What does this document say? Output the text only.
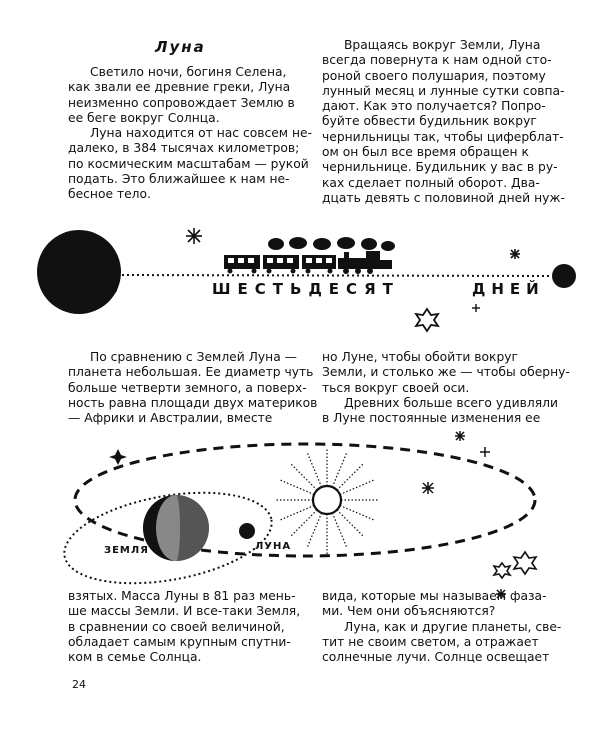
Луна
Светило ночи, богиня Селена,
как звали ее древние греки, Луна
неизменно сопровождает Землю в
ее беге вокруг Солнца.
Луна находится от нас совсем не-
далеко, в 384 тысячах километров;
по космическим масштабам — рукой
подать. Это ближайшее к нам не-
бесное тело.
Вращаясь вокруг Земли, Луна
всегда повернута к нам одной сто-
роной своего полушария, поэтому
лунный месяц и лунные сутки совпа-
дают. Как это получается? Попро-
буйте обвести будильник вокруг
чернильницы так, чтобы циферблат-
ом он был все время обращен к
чернильнице. Будильник у вас в ру-
ках сделает полный оборот. Два-
дцать девять с половиной дней нуж-
СТО	ШЕСТЬДЕСЯТ	ДНЕЙ
По сравнению с Землей Луна —
планета небольшая. Ее диаметр чуть
больше четверти земного, а поверх-
ность равна площади двух материков
— Африки и Австралии, вместе
но Луне, чтобы обойти вокруг
Земли, и столько же — чтобы оберну-
ться вокруг своей оси.
Древних больше всего удивляли
в Луне постоянные изменения ее
ЗЕМЛЯ	ЛУНА
взятых. Масса Луны в 81 раз мень-
ше массы Земли. И все-таки Земля,
в сравнении со своей величиной,
обладает самым крупным спутни-
ком в семье Солнца.
вида, которые мы называем фаза-
ми. Чем они объясняются?
Луна, как и другие планеты, све-
тит не своим светом, а отражает
солнечные лучи. Солнце освещает
24
